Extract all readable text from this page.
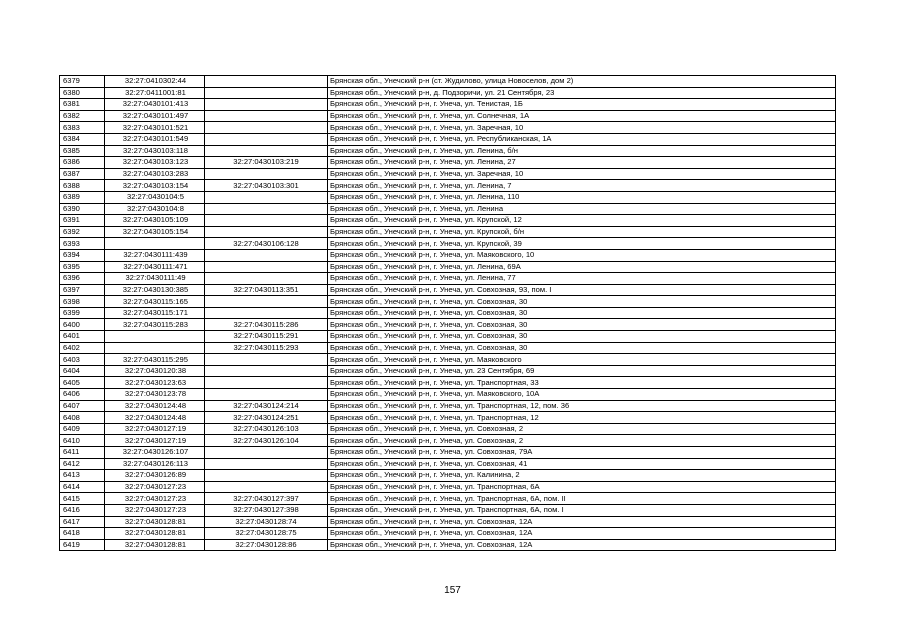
6379	32:27:0410302:44		Брянская обл., Унечский р-н (ст. Жудилово, улица Новоселов, дом 2)
6380	32:27:0411001:81		Брянская обл., Унечский р-н, д. Подзоричи, ул. 21 Сентября, 23
6381	32:27:0430101:413		Брянская обл., Унечский р-н, г. Унеча, ул. Тенистая, 1Б
6382	32:27:0430101:497		Брянская обл., Унечский р-н, г. Унеча, ул. Солнечная, 1А
6383	32:27:0430101:521		Брянская обл., Унечский р-н, г. Унеча, ул. Заречная, 10
6384	32:27:0430101:549		Брянская обл., Унечский р-н, г. Унеча, ул. Республиканская, 1А
6385	32:27:0430103:118		Брянская обл., Унечский р-н, г. Унеча, ул. Ленина, б/н
6386	32:27:0430103:123	32:27:0430103:219	Брянская обл., Унечский р-н, г. Унеча, ул. Ленина, 27
6387	32:27:0430103:283		Брянская обл., Унечский р-н, г. Унеча, ул. Заречная, 10
6388	32:27:0430103:154	32:27:0430103:301	Брянская обл., Унечский р-н, г. Унеча, ул. Ленина, 7
6389	32:27:0430104:5		Брянская обл., Унечский р-н, г. Унеча, ул. Ленина, 110
6390	32:27:0430104:8		Брянская обл., Унечский р-н, г. Унеча, ул. Ленина
6391	32:27:0430105:109		Брянская обл., Унечский р-н, г. Унеча, ул. Крупской, 12
6392	32:27:0430105:154		Брянская обл., Унечский р-н, г. Унеча, ул. Крупской, б/н
6393		32:27:0430106:128	Брянская обл., Унечский р-н, г. Унеча, ул. Крупской, 39
6394	32:27:0430111:439		Брянская обл., Унечский р-н, г. Унеча, ул. Маяковского, 10
6395	32:27:0430111:471		Брянская обл., Унечский р-н, г. Унеча, ул. Ленина, 69А
6396	32:27:0430111:49		Брянская обл., Унечский р-н, г. Унеча, ул. Ленина, 77
6397	32:27:0430130:385	32:27:0430113:351	Брянская обл., Унечский р-н, г. Унеча, ул. Совхозная, 93, пом. I
6398	32:27:0430115:165		Брянская обл., Унечский р-н, г. Унеча, ул. Совхозная, 30
6399	32:27:0430115:171		Брянская обл., Унечский р-н, г. Унеча, ул. Совхозная, 30
6400	32:27:0430115:283	32:27:0430115:286	Брянская обл., Унечский р-н, г. Унеча, ул. Совхозная, 30
6401		32:27:0430115:291	Брянская обл., Унечский р-н, г. Унеча, ул. Совхозная, 30
6402		32:27:0430115:293	Брянская обл., Унечский р-н, г. Унеча, ул. Совхозная, 30
6403	32:27:0430115:295		Брянская обл., Унечский р-н, г. Унеча, ул. Маяковского
6404	32:27:0430120:38		Брянская обл., Унечский р-н, г. Унеча, ул. 23 Сентября, 69
6405	32:27:0430123:63		Брянская обл., Унечский р-н, г. Унеча, ул. Транспортная, 33
6406	32:27:0430123:78		Брянская обл., Унечский р-н, г. Унеча, ул. Маяковского, 10А
6407	32:27:0430124:48	32:27:0430124:214	Брянская обл., Унечский р-н, г. Унеча, ул. Транспортная, 12, пом. 36
6408	32:27:0430124:48	32:27:0430124:251	Брянская обл., Унечский р-н, г. Унеча, ул. Транспортная, 12
6409	32:27:0430127:19	32:27:0430126:103	Брянская обл., Унечский р-н, г. Унеча, ул. Совхозная, 2
6410	32:27:0430127:19	32:27:0430126:104	Брянская обл., Унечский р-н, г. Унеча, ул. Совхозная, 2
6411	32:27:0430126:107		Брянская обл., Унечский р-н, г. Унеча, ул. Совхозная, 79А
6412	32:27:0430126:113		Брянская обл., Унечский р-н, г. Унеча, ул. Совхозная, 41
6413	32:27:0430126:89		Брянская обл., Унечский р-н, г. Унеча, ул. Калинина, 2
6414	32:27:0430127:23		Брянская обл., Унечский р-н, г. Унеча, ул. Транспортная, 6А
6415	32:27:0430127:23	32:27:0430127:397	Брянская обл., Унечский р-н, г. Унеча, ул. Транспортная, 6А, пом. II
6416	32:27:0430127:23	32:27:0430127:398	Брянская обл., Унечский р-н, г. Унеча, ул. Транспортная, 6А, пом. I
6417	32:27:0430128:81	32:27:0430128:74	Брянская обл., Унечский р-н, г. Унеча, ул. Совхозная, 12А
6418	32:27:0430128:81	32:27:0430128:75	Брянская обл., Унечский р-н, г. Унеча, ул. Совхозная, 12А
6419	32:27:0430128:81	32:27:0430128:86	Брянская обл., Унечский р-н, г. Унеча, ул. Совхозная, 12А
157
